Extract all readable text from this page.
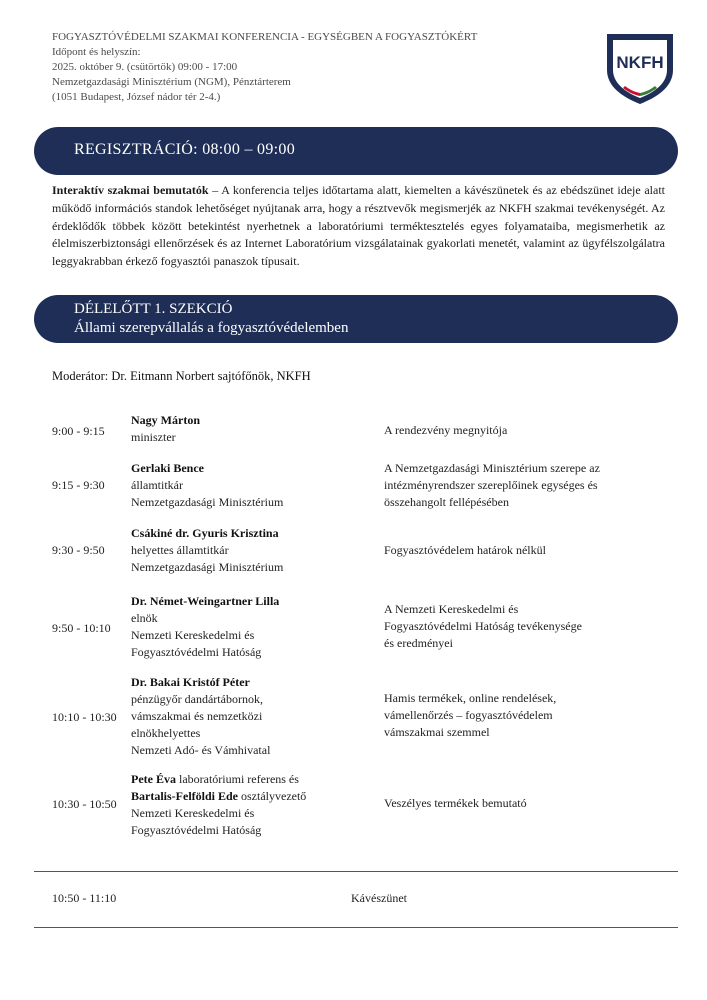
FOGYASZTÓVÉDELMI SZAKMAI KONFERENCIA - EGYSÉGBEN A FOGYASZTÓKÉRT
Időpont és helyszín:
2025. október 9. (csütörtök) 09:00 - 17:00
Nemzetgazdasági Minisztérium (NGM), Pénztárterem
(1051 Budapest, József nádor tér 2-4.)
NKFH
REGISZTRÁCIÓ: 08:00 – 09:00
Interaktív szakmai bemutatók – A konferencia teljes időtartama alatt, kiemelten a kávészünetek és az ebédszünet ideje alatt működő információs standok lehetőséget nyújtanak arra, hogy a résztvevők megismerjék az NKFH szakmai tevékenységét. Az érdeklődők többek között betekintést nyerhetnek a laboratóriumi terméktesztelés egyes folyamataiba, megismerhetik az élelmiszerbiztonsági ellenőrzések és az Internet Laboratórium vizsgálatainak gyakorlati menetét, valamint az ügyfélszolgálatra leggyakrabban érkező fogyasztói panaszok típusait.
DÉLELŐTT 1. SZEKCIÓ
Állami szerepvállalás a fogyasztóvédelemben
Moderátor: Dr. Eitmann Norbert sajtófőnök, NKFH
9:00 - 9:15
Nagy Márton
miniszter	A rendezvény megnyitója
9:15 - 9:30
Gerlaki Bence
államtitkár
Nemzetgazdasági Minisztérium
A Nemzetgazdasági Minisztérium szerepe az
intézményrendszer szereplőinek egységes és
összehangolt fellépésében
9:30 - 9:50
Csákiné dr. Gyuris Krisztina
helyettes államtitkár
Nemzetgazdasági Minisztérium
Fogyasztóvédelem határok nélkül
9:50 - 10:10
Dr. Német-Weingartner Lilla
elnök
Nemzeti Kereskedelmi és
Fogyasztóvédelmi Hatóság
A Nemzeti Kereskedelmi és
Fogyasztóvédelmi Hatóság tevékenysége
és eredményei
10:10 - 10:30
Dr. Bakai Kristóf Péter
pénzügyőr dandártábornok,
vámszakmai és nemzetközi
elnökhelyettes
Nemzeti Adó- és Vámhivatal
Hamis termékek, online rendelések,
vámellenőrzés – fogyasztóvédelem
vámszakmai szemmel
10:30 - 10:50
Pete Éva laboratóriumi referens és
Bartalis-Felföldi Ede osztályvezető
Nemzeti Kereskedelmi és
Fogyasztóvédelmi Hatóság
Veszélyes termékek bemutató
10:50 - 11:10	Kávészünet
